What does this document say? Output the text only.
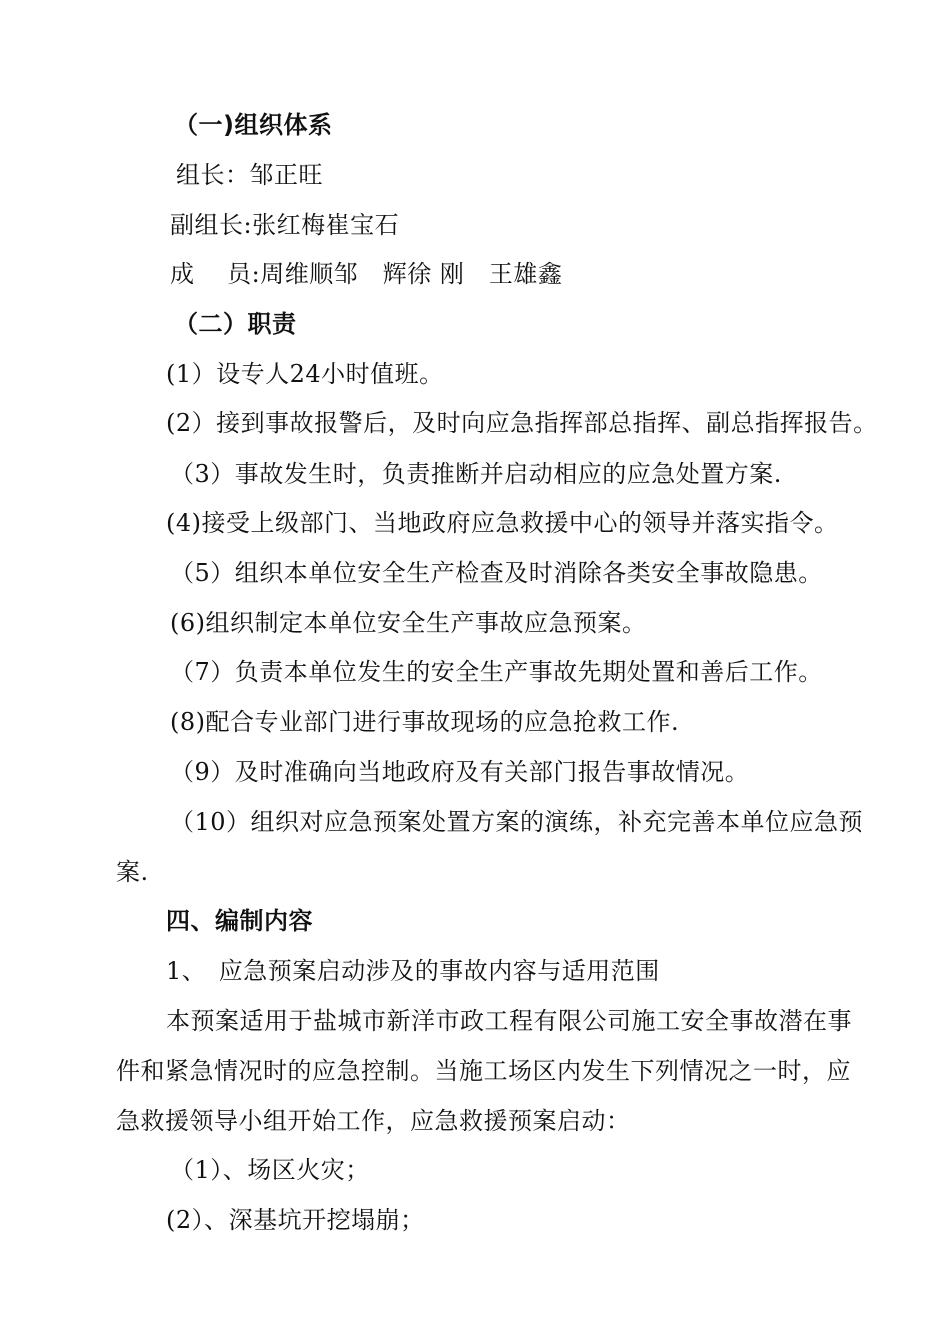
（一)组织体系
组长：邹正旺
副组长:张红梅崔宝石
成　 员:周维顺邹　辉徐 刚　王雄鑫
（二）职责
(1）设专人24小时值班。
(2）接到事故报警后，及时向应急指挥部总指挥、副总指挥报告。
（3）事故发生时，负责推断并启动相应的应急处置方案.
(4)接受上级部门、当地政府应急救援中心的领导并落实指令。
（5）组织本单位安全生产检查及时消除各类安全事故隐患。
(6)组织制定本单位安全生产事故应急预案。
（7）负责本单位发生的安全生产事故先期处置和善后工作。
(8)配合专业部门进行事故现场的应急抢救工作.
（9）及时准确向当地政府及有关部门报告事故情况。
（10）组织对应急预案处置方案的演练，补充完善本单位应急预
案.
四、编制内容
1、　应急预案启动涉及的事故内容与适用范围
本预案适用于盐城市新洋市政工程有限公司施工安全事故潜在事
件和紧急情况时的应急控制。当施工场区内发生下列情况之一时，应
急救援领导小组开始工作，应急救援预案启动：
（1）、场区火灾；
(2）、深基坑开挖塌崩；
